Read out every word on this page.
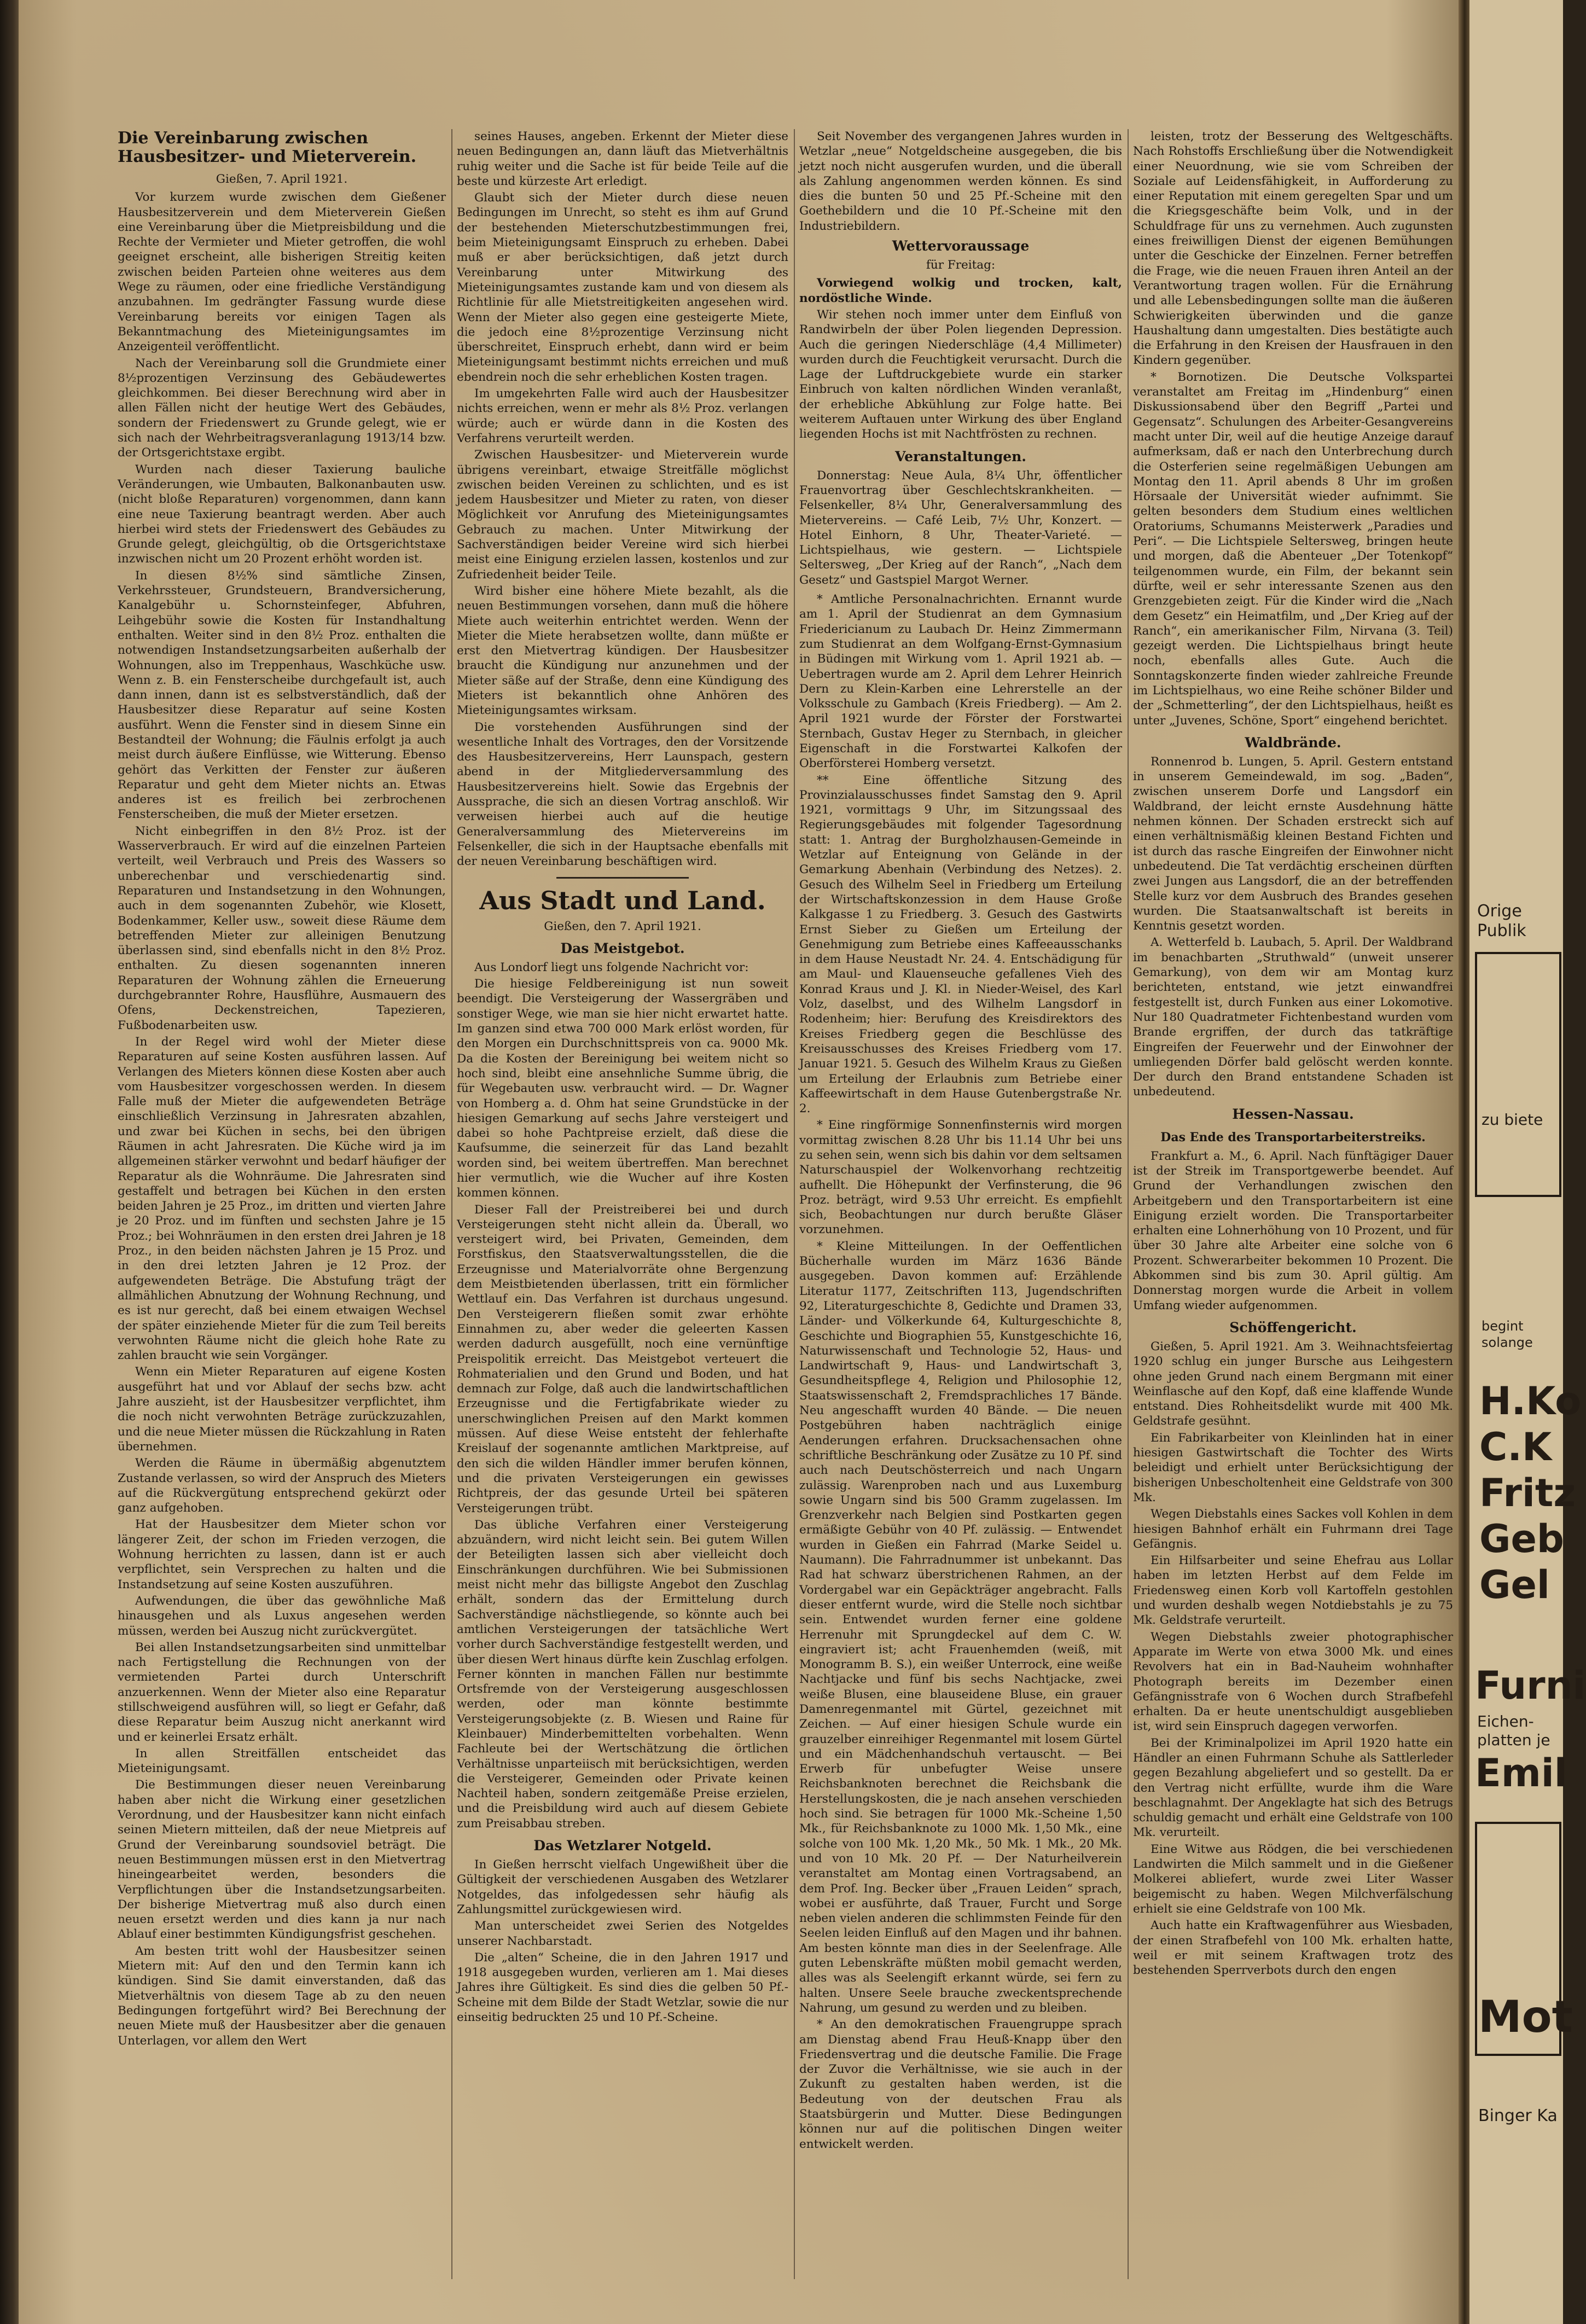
Die Vereinbarung zwischen Hausbesitzer- und Mieterverein.
Gießen, 7. April 1921.

Vor kurzem wurde zwischen dem Gießener Hausbesitzerverein und dem Mieterverein Gießen eine Vereinbarung über die Mietpreisbildung und die Rechte der Vermieter und Mieter getroffen, die wohl geeignet erscheint, alle bisherigen Streitig keiten zwischen beiden Parteien ohne weiteres aus dem Wege zu räumen, oder eine friedliche Verständigung anzubahnen. Im gedrängter Fassung wurde diese Vereinbarung bereits vor einigen Tagen als Bekanntmachung des Mieteinigungsamtes im Anzeigenteil veröffentlicht.

Nach der Vereinbarung soll die Grundmiete einer 8½prozentigen Verzinsung des Gebäudewertes gleichkommen. Bei dieser Berechnung wird aber in allen Fällen nicht der heutige Wert des Gebäudes, sondern der Friedenswert zu Grunde gelegt, wie er sich nach der Wehrbeitragsveranlagung 1913/14 bzw. der Ortsgerichtstaxe ergibt.

Wurden nach dieser Taxierung bauliche Veränderungen, wie Umbauten, Balkonanbauten usw. (nicht bloße Reparaturen) vorgenommen, dann kann eine neue Taxierung beantragt werden. Aber auch hierbei wird stets der Friedenswert des Gebäudes zu Grunde gelegt, gleichgültig, ob die Ortsgerichtstaxe inzwischen nicht um 20 Prozent erhöht worden ist.

In diesen 8½% sind sämtliche Zinsen, Verkehrssteuer, Grundsteuern, Brandversicherung, Kanalgebühr u. Schornsteinfeger, Abfuhren, Leihgebühr sowie die Kosten für Instandhaltung enthalten. Weiter sind in den 8½ Proz. enthalten die notwendigen Instandsetzungsarbeiten außerhalb der Wohnungen, also im Treppenhaus, Waschküche usw. Wenn z. B. ein Fensterscheibe durchgefault ist, auch dann innen, dann ist es selbstverständlich, daß der Hausbesitzer diese Reparatur auf seine Kosten ausführt. Wenn die Fenster sind in diesem Sinne ein Bestandteil der Wohnung; die Fäulnis erfolgt ja auch meist durch äußere Einflüsse, wie Witterung. Ebenso gehört das Verkitten der Fenster zur äußeren Reparatur und geht dem Mieter nichts an. Etwas anderes ist es freilich bei zerbrochenen Fensterscheiben, die muß der Mieter ersetzen.

Nicht einbegriffen in den 8½ Proz. ist der Wasserverbrauch. Er wird auf die einzelnen Parteien verteilt, weil Verbrauch und Preis des Wassers so unberechenbar und verschiedenartig sind. Reparaturen und Instandsetzung in den Wohnungen, auch in dem sogenannten Zubehör, wie Klosett, Bodenkammer, Keller usw., soweit diese Räume dem betreffenden Mieter zur alleinigen Benutzung überlassen sind, sind ebenfalls nicht in den 8½ Proz. enthalten. Zu diesen sogenannten inneren Reparaturen der Wohnung zählen die Erneuerung durchgebrannter Rohre, Hausflühre, Ausmauern des Ofens, Deckenstreichen, Tapezieren, Fußbodenarbeiten usw.

In der Regel wird wohl der Mieter diese Reparaturen auf seine Kosten ausführen lassen. Auf Verlangen des Mieters können diese Kosten aber auch vom Hausbesitzer vorgeschossen werden. In diesem Falle muß der Mieter die aufgewendeten Beträge einschließlich Verzinsung in Jahresraten abzahlen, und zwar bei Küchen in sechs, bei den übrigen Räumen in acht Jahresraten. Die Küche wird ja im allgemeinen stärker verwohnt und bedarf häufiger der Reparatur als die Wohnräume. Die Jahresraten sind gestaffelt und betragen bei Küchen in den ersten beiden Jahren je 25 Proz., im dritten und vierten Jahre je 20 Proz. und im fünften und sechsten Jahre je 15 Proz.; bei Wohnräumen in den ersten drei Jahren je 18 Proz., in den beiden nächsten Jahren je 15 Proz. und in den drei letzten Jahren je 12 Proz. der aufgewendeten Beträge. Die Abstufung trägt der allmählichen Abnutzung der Wohnung Rechnung, und es ist nur gerecht, daß bei einem etwaigen Wechsel der später einziehende Mieter für die zum Teil bereits verwohnten Räume nicht die gleich hohe Rate zu zahlen braucht wie sein Vorgänger.

Wenn ein Mieter Reparaturen auf eigene Kosten ausgeführt hat und vor Ablauf der sechs bzw. acht Jahre auszieht, ist der Hausbesitzer verpflichtet, ihm die noch nicht verwohnten Beträge zurückzuzahlen, und die neue Mieter müssen die Rückzahlung in Raten übernehmen.

Werden die Räume in übermäßig abgenutztem Zustande verlassen, so wird der Anspruch des Mieters auf die Rückvergütung entsprechend gekürzt oder ganz aufgehoben.

Hat der Hausbesitzer dem Mieter schon vor längerer Zeit, der schon im Frieden verzogen, die Wohnung herrichten zu lassen, dann ist er auch verpflichtet, sein Versprechen zu halten und die Instandsetzung auf seine Kosten auszuführen.

Aufwendungen, die über das gewöhnliche Maß hinausgehen und als Luxus angesehen werden müssen, werden bei Auszug nicht zurückvergütet.

Bei allen Instandsetzungsarbeiten sind unmittelbar nach Fertigstellung die Rechnungen von der vermietenden Partei durch Unterschrift anzuerkennen. Wenn der Mieter also eine Reparatur stillschweigend ausführen will, so liegt er Gefahr, daß diese Reparatur beim Auszug nicht anerkannt wird und er keinerlei Ersatz erhält.

In allen Streitfällen entscheidet das Mieteinigungsamt.

Die Bestimmungen dieser neuen Vereinbarung haben aber nicht die Wirkung einer gesetzlichen Verordnung, und der Hausbesitzer kann nicht einfach seinen Mietern mitteilen, daß der neue Mietpreis auf Grund der Vereinbarung soundsoviel beträgt. Die neuen Bestimmungen müssen erst in den Mietvertrag hineingearbeitet werden, besonders die Verpflichtungen über die Instandsetzungsarbeiten. Der bisherige Mietvertrag muß also durch einen neuen ersetzt werden und dies kann ja nur nach Ablauf einer bestimmten Kündigungsfrist geschehen.

Am besten tritt wohl der Hausbesitzer seinen Mietern mit: Auf den und den Termin kann ich kündigen. Sind Sie damit einverstanden, daß das Mietverhältnis von diesem Tage ab zu den neuen Bedingungen fortgeführt wird? Bei Berechnung der neuen Miete muß der Hausbesitzer aber die genauen Unterlagen, vor allem den Wert

seines Hauses, angeben. Erkennt der Mieter diese neuen Bedingungen an, dann läuft das Mietverhältnis ruhig weiter und die Sache ist für beide Teile auf die beste und kürzeste Art erledigt.

Glaubt sich der Mieter durch diese neuen Bedingungen im Unrecht, so steht es ihm auf Grund der bestehenden Mieterschutzbestimmungen frei, beim Mieteinigungsamt Einspruch zu erheben. Dabei muß er aber berücksichtigen, daß jetzt durch Vereinbarung unter Mitwirkung des Mieteinigungsamtes zustande kam und von diesem als Richtlinie für alle Mietstreitigkeiten angesehen wird. Wenn der Mieter also gegen eine gesteigerte Miete, die jedoch eine 8½prozentige Verzinsung nicht überschreitet, Einspruch erhebt, dann wird er beim Mieteinigungsamt bestimmt nichts erreichen und muß ebendrein noch die sehr erheblichen Kosten tragen.

Im umgekehrten Falle wird auch der Hausbesitzer nichts erreichen, wenn er mehr als 8½ Proz. verlangen würde; auch er würde dann in die Kosten des Verfahrens verurteilt werden.

Zwischen Hausbesitzer- und Mieterverein wurde übrigens vereinbart, etwaige Streitfälle möglichst zwischen beiden Vereinen zu schlichten, und es ist jedem Hausbesitzer und Mieter zu raten, von dieser Möglichkeit vor Anrufung des Mieteinigungsamtes Gebrauch zu machen. Unter Mitwirkung der Sachverständigen beider Vereine wird sich hierbei meist eine Einigung erzielen lassen, kostenlos und zur Zufriedenheit beider Teile.

Wird bisher eine höhere Miete bezahlt, als die neuen Bestimmungen vorsehen, dann muß die höhere Miete auch weiterhin entrichtet werden. Wenn der Mieter die Miete herabsetzen wollte, dann müßte er erst den Mietvertrag kündigen. Der Hausbesitzer braucht die Kündigung nur anzunehmen und der Mieter säße auf der Straße, denn eine Kündigung des Mieters ist bekanntlich ohne Anhören des Mieteinigungsamtes wirksam.

Die vorstehenden Ausführungen sind der wesentliche Inhalt des Vortrages, den der Vorsitzende des Hausbesitzervereins, Herr Launspach, gestern abend in der Mitgliederversammlung des Hausbesitzervereins hielt. Sowie das Ergebnis der Aussprache, die sich an diesen Vortrag anschloß. Wir verweisen hierbei auch auf die heutige Generalversammlung des Mietervereins im Felsenkeller, die sich in der Hauptsache ebenfalls mit der neuen Vereinbarung beschäftigen wird.

Aus Stadt und Land.
Gießen, den 7. April 1921.
Das Meistgebot.

Aus Londorf liegt uns folgende Nachricht vor:

Die hiesige Feldbereinigung ist nun soweit beendigt. Die Versteigerung der Wassergräben und sonstiger Wege, wie man sie hier nicht erwartet hatte. Im ganzen sind etwa 700 000 Mark erlöst worden, für den Morgen ein Durchschnittspreis von ca. 9000 Mk. Da die Kosten der Bereinigung bei weitem nicht so hoch sind, bleibt eine ansehnliche Summe übrig, die für Wegebauten usw. verbraucht wird. — Dr. Wagner von Homberg a. d. Ohm hat seine Grundstücke in der hiesigen Gemarkung auf sechs Jahre versteigert und dabei so hohe Pachtpreise erzielt, daß diese die Kaufsumme, die seinerzeit für das Land bezahlt worden sind, bei weitem übertreffen. Man berechnet hier vermutlich, wie die Wucher auf ihre Kosten kommen können.

Dieser Fall der Preistreiberei bei und durch Versteigerungen steht nicht allein da. Überall, wo versteigert wird, bei Privaten, Gemeinden, dem Forstfiskus, den Staatsverwaltungsstellen, die die Erzeugnisse und Materialvorräte ohne Bergenzung dem Meistbietenden überlassen, tritt ein förmlicher Wettlauf ein. Das Verfahren ist durchaus ungesund. Den Versteigerern fließen somit zwar erhöhte Einnahmen zu, aber weder die geleerten Kassen werden dadurch ausgefüllt, noch eine vernünftige Preispolitik erreicht. Das Meistgebot verteuert die Rohmaterialien und den Grund und Boden, und hat demnach zur Folge, daß auch die landwirtschaftlichen Erzeugnisse und die Fertigfabrikate wieder zu unerschwinglichen Preisen auf den Markt kommen müssen. Auf diese Weise entsteht der fehlerhafte Kreislauf der sogenannte amtlichen Marktpreise, auf den sich die wilden Händler immer berufen können, und die privaten Versteigerungen ein gewisses Richtpreis, der das gesunde Urteil bei späteren Versteigerungen trübt.

Das übliche Verfahren einer Versteigerung abzuändern, wird nicht leicht sein. Bei gutem Willen der Beteiligten lassen sich aber vielleicht doch Einschränkungen durchführen. Wie bei Submissionen meist nicht mehr das billigste Angebot den Zuschlag erhält, sondern das der Ermittelung durch Sachverständige nächstliegende, so könnte auch bei amtlichen Versteigerungen der tatsächliche Wert vorher durch Sachverständige festgestellt werden, und über diesen Wert hinaus dürfte kein Zuschlag erfolgen. Ferner könnten in manchen Fällen nur bestimmte Ortsfremde von der Versteigerung ausgeschlossen werden, oder man könnte bestimmte Versteigerungsobjekte (z. B. Wiesen und Raine für Kleinbauer) Minderbemittelten vorbehalten. Wenn Fachleute bei der Wertschätzung die örtlichen Verhältnisse unparteiisch mit berücksichtigen, werden die Versteigerer, Gemeinden oder Private keinen Nachteil haben, sondern zeitgemäße Preise erzielen, und die Preisbildung wird auch auf diesem Gebiete zum Preisabbau streben.

Das Wetzlarer Notgeld.

In Gießen herrscht vielfach Ungewißheit über die Gültigkeit der verschiedenen Ausgaben des Wetzlarer Notgeldes, das infolgedessen sehr häufig als Zahlungsmittel zurückgewiesen wird.

Man unterscheidet zwei Serien des Notgeldes unserer Nachbarstadt.

Die „alten“ Scheine, die in den Jahren 1917 und 1918 ausgegeben wurden, verlieren am 1. Mai dieses Jahres ihre Gültigkeit. Es sind dies die gelben 50 Pf.-Scheine mit dem Bilde der Stadt Wetzlar, sowie die nur einseitig bedruckten 25 und 10 Pf.-Scheine.

Seit November des vergangenen Jahres wurden in Wetzlar „neue“ Notgeldscheine ausgegeben, die bis jetzt noch nicht ausgerufen wurden, und die überall als Zahlung angenommen werden können. Es sind dies die bunten 50 und 25 Pf.-Scheine mit den Goethebildern und die 10 Pf.-Scheine mit den Industriebildern.

Wettervoraussage
für Freitag:

Vorwiegend wolkig und trocken, kalt, nordöstliche Winde.

Wir stehen noch immer unter dem Einfluß von Randwirbeln der über Polen liegenden Depression. Auch die geringen Niederschläge (4,4 Millimeter) wurden durch die Feuchtigkeit verursacht. Durch die Lage der Luftdruckgebiete wurde ein starker Einbruch von kalten nördlichen Winden veranlaßt, der erhebliche Abkühlung zur Folge hatte. Bei weiterem Auftauen unter Wirkung des über England liegenden Hochs ist mit Nachtfrösten zu rechnen.

Veranstaltungen.

Donnerstag: Neue Aula, 8¼ Uhr, öffentlicher Frauenvortrag über Geschlechtskrankheiten. — Felsenkeller, 8¼ Uhr, Generalversammlung des Mietervereins. — Café Leib, 7½ Uhr, Konzert. — Hotel Einhorn, 8 Uhr, Theater-Varieté. — Lichtspielhaus, wie gestern. — Lichtspiele Seltersweg, „Der Krieg auf der Ranch“, „Nach dem Gesetz“ und Gastspiel Margot Werner.

* Amtliche Personalnachrichten. Ernannt wurde am 1. April der Studienrat an dem Gymnasium Friedericianum zu Laubach Dr. Heinz Zimmermann zum Studienrat an dem Wolfgang-Ernst-Gymnasium in Büdingen mit Wirkung vom 1. April 1921 ab. — Uebertragen wurde am 2. April dem Lehrer Heinrich Dern zu Klein-Karben eine Lehrerstelle an der Volksschule zu Gambach (Kreis Friedberg). — Am 2. April 1921 wurde der Förster der Forstwartei Sternbach, Gustav Heger zu Sternbach, in gleicher Eigenschaft in die Forstwartei Kalkofen der Oberförsterei Homberg versetzt.

** Eine öffentliche Sitzung des Provinzialausschusses findet Samstag den 9. April 1921, vormittags 9 Uhr, im Sitzungssaal des Regierungsgebäudes mit folgender Tagesordnung statt: 1. Antrag der Burgholzhausen-Gemeinde in Wetzlar auf Enteignung von Gelände in der Gemarkung Abenhain (Verbindung des Netzes). 2. Gesuch des Wilhelm Seel in Friedberg um Erteilung der Wirtschaftskonzession in dem Hause Große Kalkgasse 1 zu Friedberg. 3. Gesuch des Gastwirts Ernst Sieber zu Gießen um Erteilung der Genehmigung zum Betriebe eines Kaffeeausschanks in dem Hause Neustadt Nr. 24. 4. Entschädigung für am Maul- und Klauenseuche gefallenes Vieh des Konrad Kraus und J. Kl. in Nieder-Weisel, des Karl Volz, daselbst, und des Wilhelm Langsdorf in Rodenheim; hier: Berufung des Kreisdirektors des Kreises Friedberg gegen die Beschlüsse des Kreisausschusses des Kreises Friedberg vom 17. Januar 1921. 5. Gesuch des Wilhelm Kraus zu Gießen um Erteilung der Erlaubnis zum Betriebe einer Kaffeewirtschaft in dem Hause Gutenbergstraße Nr. 2.

* Eine ringförmige Sonnenfinsternis wird morgen vormittag zwischen 8.28 Uhr bis 11.14 Uhr bei uns zu sehen sein, wenn sich bis dahin vor dem seltsamen Naturschauspiel der Wolkenvorhang rechtzeitig aufhellt. Die Höhepunkt der Verfinsterung, die 96 Proz. beträgt, wird 9.53 Uhr erreicht. Es empfiehlt sich, Beobachtungen nur durch berußte Gläser vorzunehmen.

* Kleine Mitteilungen. In der Oeffentlichen Bücherhalle wurden im März 1636 Bände ausgegeben. Davon kommen auf: Erzählende Literatur 1177, Zeitschriften 113, Jugendschriften 92, Literaturgeschichte 8, Gedichte und Dramen 33, Länder- und Völkerkunde 64, Kulturgeschichte 8, Geschichte und Biographien 55, Kunstgeschichte 16, Naturwissenschaft und Technologie 52, Haus- und Landwirtschaft 9, Haus- und Landwirtschaft 3, Gesundheitspflege 4, Religion und Philosophie 12, Staatswissenschaft 2, Fremdsprachliches 17 Bände. Neu angeschafft wurden 40 Bände. — Die neuen Postgebühren haben nachträglich einige Aenderungen erfahren. Drucksachensachen ohne schriftliche Beschränkung oder Zusätze zu 10 Pf. sind auch nach Deutschösterreich und nach Ungarn zulässig. Warenproben nach und aus Luxemburg sowie Ungarn sind bis 500 Gramm zugelassen. Im Grenzverkehr nach Belgien sind Postkarten gegen ermäßigte Gebühr von 40 Pf. zulässig. — Entwendet wurden in Gießen ein Fahrrad (Marke Seidel u. Naumann). Die Fahrradnummer ist unbekannt. Das Rad hat schwarz überstrichenen Rahmen, an der Vordergabel war ein Gepäckträger angebracht. Falls dieser entfernt wurde, wird die Stelle noch sichtbar sein. Entwendet wurden ferner eine goldene Herrenuhr mit Sprungdeckel auf dem C. W. eingraviert ist; acht Frauenhemden (weiß, mit Monogramm B. S.), ein weißer Unterrock, eine weiße Nachtjacke und fünf bis sechs Nachtjacke, zwei weiße Blusen, eine blauseidene Bluse, ein grauer Damenregenmantel mit Gürtel, gezeichnet mit Zeichen. — Auf einer hiesigen Schule wurde ein grauzelber einreihiger Regenmantel mit losem Gürtel und ein Mädchenhandschuh vertauscht. — Bei Erwerb für unbefugter Weise unsere Reichsbanknoten berechnet die Reichsbank die Herstellungskosten, die je nach ansehen verschieden hoch sind. Sie betragen für 1000 Mk.-Scheine 1,50 Mk., für Reichsbanknote zu 1000 Mk. 1,50 Mk., eine solche von 100 Mk. 1,20 Mk., 50 Mk. 1 Mk., 20 Mk. und von 10 Mk. 20 Pf. — Der Naturheilverein veranstaltet am Montag einen Vortragsabend, an dem Prof. Ing. Becker über „Frauen Leiden“ sprach, wobei er ausführte, daß Trauer, Furcht und Sorge neben vielen anderen die schlimmsten Feinde für den Seelen leiden Einfluß auf den Magen und ihr bahnen. Am besten könnte man dies in der Seelenfrage. Alle guten Lebenskräfte müßten mobil gemacht werden, alles was als Seelengift erkannt würde, sei fern zu halten. Unsere Seele brauche zweckentsprechende Nahrung, um gesund zu werden und zu bleiben.

* An den demokratischen Frauengruppe sprach am Dienstag abend Frau Heuß-Knapp über den Friedensvertrag und die deutsche Familie. Die Frage der Zuvor die Verhältnisse, wie sie auch in der Zukunft zu gestalten haben werden, ist die Bedeutung von der deutschen Frau als Staatsbürgerin und Mutter. Diese Bedingungen können nur auf die politischen Dingen weiter entwickelt werden.

leisten, trotz der Besserung des Weltgeschäfts. Nach Rohstoffs Erschließung über die Notwendigkeit einer Neuordnung, wie sie vom Schreiben der Soziale auf Leidensfähigkeit, in Aufforderung zu einer Reputation mit einem geregelten Spar und um die Kriegsgeschäfte beim Volk, und in der Schuldfrage für uns zu vernehmen. Auch zugunsten eines freiwilligen Dienst der eigenen Bemühungen unter die Geschicke der Einzelnen. Ferner betreffen die Frage, wie die neuen Frauen ihren Anteil an der Verantwortung tragen wollen. Für die Ernährung und alle Lebensbedingungen sollte man die äußeren Schwierigkeiten überwinden und die ganze Haushaltung dann umgestalten. Dies bestätigte auch die Erfahrung in den Kreisen der Hausfrauen in den Kindern gegenüber.

* Bornotizen. Die Deutsche Volkspartei veranstaltet am Freitag im „Hindenburg“ einen Diskussionsabend über den Begriff „Partei und Gegensatz“. Schulungen des Arbeiter-Gesangvereins macht unter Dir, weil auf die heutige Anzeige darauf aufmerksam, daß er nach den Unterbrechung durch die Osterferien seine regelmäßigen Uebungen am Montag den 11. April abends 8 Uhr im großen Hörsaale der Universität wieder aufnimmt. Sie gelten besonders dem Studium eines weltlichen Oratoriums, Schumanns Meisterwerk „Paradies und Peri“. — Die Lichtspiele Seltersweg, bringen heute und morgen, daß die Abenteuer „Der Totenkopf“ teilgenommen wurde, ein Film, der bekannt sein dürfte, weil er sehr interessante Szenen aus den Grenzgebieten zeigt. Für die Kinder wird die „Nach dem Gesetz“ ein Heimatfilm, und „Der Krieg auf der Ranch“, ein amerikanischer Film, Nirvana (3. Teil) gezeigt werden. Die Lichtspielhaus bringt heute noch, ebenfalls alles Gute. Auch die Sonntagskonzerte finden wieder zahlreiche Freunde im Lichtspielhaus, wo eine Reihe schöner Bilder und der „Schmetterling“, der den Lichtspielhaus, heißt es unter „Juvenes, Schöne, Sport“ eingehend berichtet.

Waldbrände.

Ronnenrod b. Lungen, 5. April. Gestern entstand in unserem Gemeindewald, im sog. „Baden“, zwischen unserem Dorfe und Langsdorf ein Waldbrand, der leicht ernste Ausdehnung hätte nehmen können. Der Schaden erstreckt sich auf einen verhältnismäßig kleinen Bestand Fichten und ist durch das rasche Eingreifen der Einwohner nicht unbedeutend. Die Tat verdächtig erscheinen dürften zwei Jungen aus Langsdorf, die an der betreffenden Stelle kurz vor dem Ausbruch des Brandes gesehen wurden. Die Staatsanwaltschaft ist bereits in Kenntnis gesetzt worden.

A. Wetterfeld b. Laubach, 5. April. Der Waldbrand im benachbarten „Struthwald“ (unweit unserer Gemarkung), von dem wir am Montag kurz berichteten, entstand, wie jetzt einwandfrei festgestellt ist, durch Funken aus einer Lokomotive. Nur 180 Quadratmeter Fichtenbestand wurden vom Brande ergriffen, der durch das tatkräftige Eingreifen der Feuerwehr und der Einwohner der umliegenden Dörfer bald gelöscht werden konnte. Der durch den Brand entstandene Schaden ist unbedeutend.

Hessen-Nassau.
Das Ende des Transportarbeiterstreiks.

Frankfurt a. M., 6. April. Nach fünftägiger Dauer ist der Streik im Transportgewerbe beendet. Auf Grund der Verhandlungen zwischen den Arbeitgebern und den Transportarbeitern ist eine Einigung erzielt worden. Die Transportarbeiter erhalten eine Lohnerhöhung von 10 Prozent, und für über 30 Jahre alte Arbeiter eine solche von 6 Prozent. Schwerarbeiter bekommen 10 Prozent. Die Abkommen sind bis zum 30. April gültig. Am Donnerstag morgen wurde die Arbeit in vollem Umfang wieder aufgenommen.

Schöffengericht.

Gießen, 5. April 1921. Am 3. Weihnachtsfeiertag 1920 schlug ein junger Bursche aus Leihgestern ohne jeden Grund nach einem Bergmann mit einer Weinflasche auf den Kopf, daß eine klaffende Wunde entstand. Dies Rohheitsdelikt wurde mit 400 Mk. Geldstrafe gesühnt.

Ein Fabrikarbeiter von Kleinlinden hat in einer hiesigen Gastwirtschaft die Tochter des Wirts beleidigt und erhielt unter Berücksichtigung der bisherigen Unbescholtenheit eine Geldstrafe von 300 Mk.

Wegen Diebstahls eines Sackes voll Kohlen in dem hiesigen Bahnhof erhält ein Fuhrmann drei Tage Gefängnis.

Ein Hilfsarbeiter und seine Ehefrau aus Lollar haben im letzten Herbst auf dem Felde im Friedensweg einen Korb voll Kartoffeln gestohlen und wurden deshalb wegen Notdiebstahls je zu 75 Mk. Geldstrafe verurteilt.

Wegen Diebstahls zweier photographischer Apparate im Werte von etwa 3000 Mk. und eines Revolvers hat ein in Bad-Nauheim wohnhafter Photograph bereits im Dezember einen Gefängnisstrafe von 6 Wochen durch Strafbefehl erhalten. Da er heute unentschuldigt ausgeblieben ist, wird sein Einspruch dagegen verworfen.

Bei der Kriminalpolizei im April 1920 hatte ein Händler an einen Fuhrmann Schuhe als Sattlerleder gegen Bezahlung abgeliefert und so gestellt. Da er den Vertrag nicht erfüllte, wurde ihm die Ware beschlagnahmt. Der Angeklagte hat sich des Betrugs schuldig gemacht und erhält eine Geldstrafe von 100 Mk. verurteilt.

Eine Witwe aus Rödgen, die bei verschiedenen Landwirten die Milch sammelt und in die Gießener Molkerei abliefert, wurde zwei Liter Wasser beigemischt zu haben. Wegen Milchverfälschung erhielt sie eine Geldstrafe von 100 Mk.

Auch hatte ein Kraftwagenführer aus Wiesbaden, der einen Strafbefehl von 100 Mk. erhalten hatte, weil er mit seinem Kraftwagen trotz des bestehenden Sperrverbots durch den engen

Orige
Publik
zu biete
begint
solange
H.Ko
C.K
Fritz
Geb
Gel
Furni
Eichen-
platten je
Emil
Mot
Binger Ka
